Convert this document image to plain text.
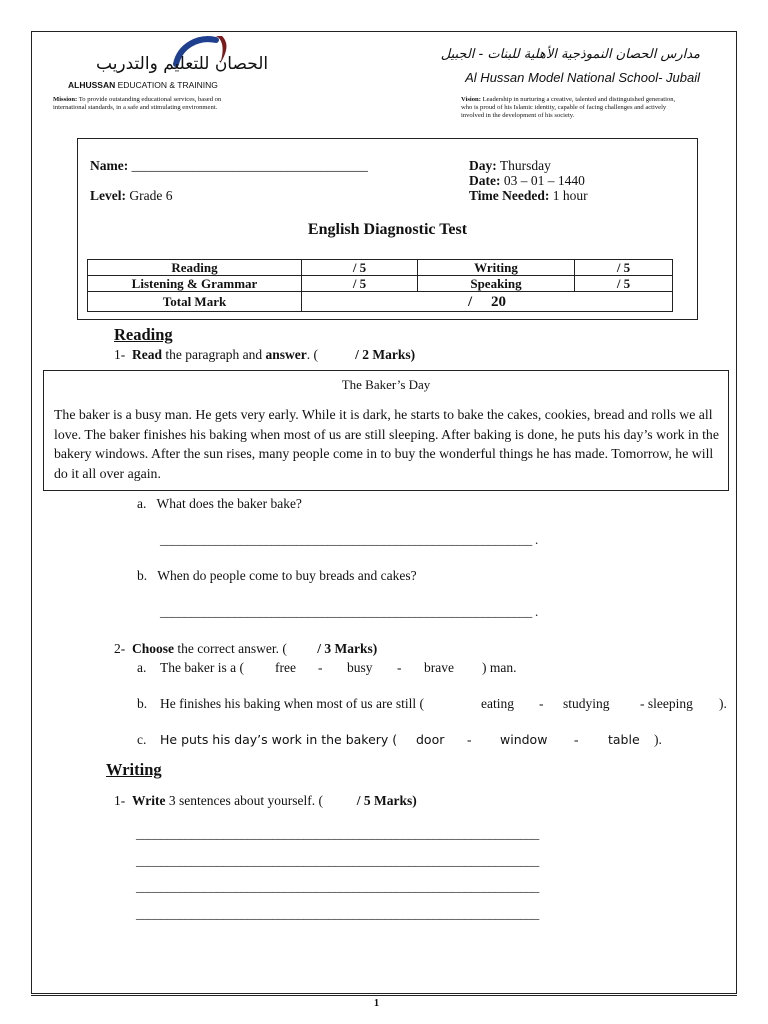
الحصان للتعليم والتدريب
ALHUSSAN EDUCATION & TRAINING
مدارس الحصان النموذجية الأهلية للبنات - الجبيل
Al Hussan Model National School- Jubail
Mission: To provide outstanding educational services, based on international standards, in a safe and stimulating environment.
Vision: Leadership in nurturing a creative, talented and distinguished generation, who is proud of his Islamic identity, capable of facing challenges and actively involved in the development of his society.
Name: ___________________________________
Level: Grade 6
Day: Thursday
Date: 03 – 01 – 1440
Time Needed: 1 hour
English Diagnostic Test
Reading	/ 5	Writing	/ 5
Listening & Grammar	/ 5	Speaking	/ 5
Total Mark	/ 20		
Reading
1- Read the paragraph and answer. (	/ 2 Marks)
The Baker’s Day
The baker is a busy man. He gets very early. While it is dark, he starts to bake the cakes, cookies, bread and rolls we all love. The baker finishes his baking when most of us are still sleeping. After baking is done, he puts his day’s work in the bakery windows. After the sun rises, many people come in to buy the wonderful things he has made. Tomorrow, he will do it all over again.
a. What does the baker bake?
____________________________________________________________ .
b. When do people come to buy breads and cakes?
____________________________________________________________ .
2- Choose the correct answer. ( / 3 Marks)
a. The baker is a ( free - busy - brave ) man.
b. He finishes his baking when most of us are still (	eating - studying - sleeping ).
c. He puts his day’s work in the bakery ( door - window - table ).
Writing
1- Write 3 sentences about yourself. (	/ 5 Marks)
_________________________________________________________________
_________________________________________________________________
_________________________________________________________________
_________________________________________________________________
1
